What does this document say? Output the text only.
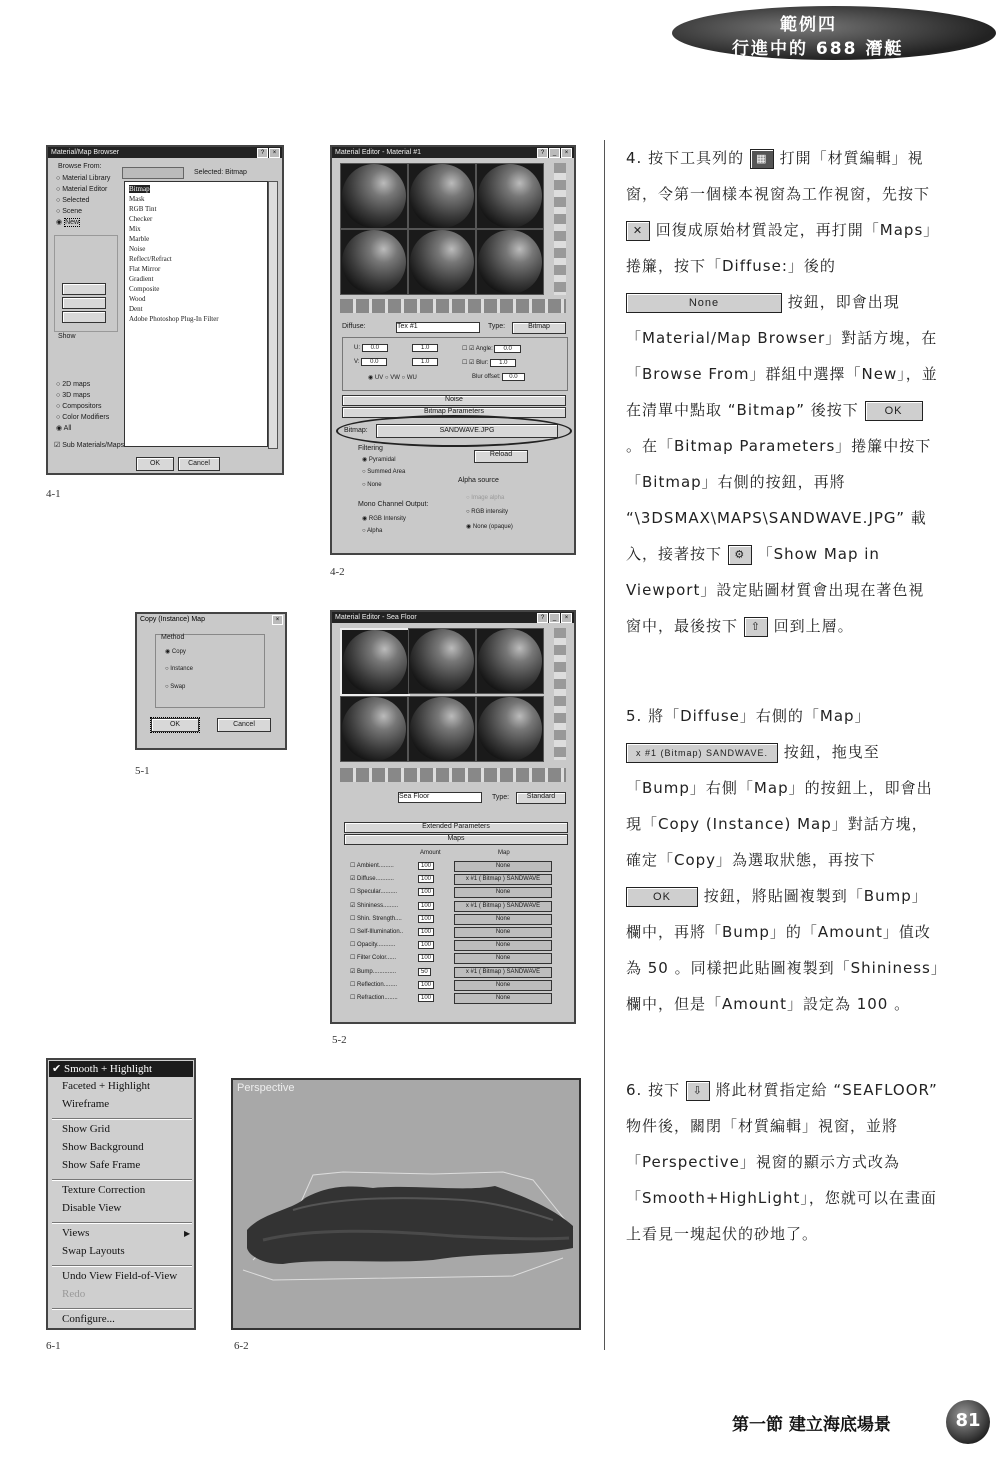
範例四
行進中的 688 潛艇
Material/Map Browser	?	×
Browse From:
○ Material Library
○ Material Editor
○ Selected
○ Scene
◉ New
Show
○ 2D maps
○ 3D maps
○ Compositors
○ Color Modifiers
◉ All
☑ Sub Materials/Maps
Selected: Bitmap
Bitmap
Mask
RGB Tint
Checker
Mix
Marble
Noise
Reflect/Refract
Flat Mirror
Gradient
Composite
Wood
Dent
Adobe Photoshop Plug-In Filter
OK	Cancel
4-1
Material Editor - Material #1	?	_	×
Diffuse:	Tex #1	Type:	Bitmap
U: 0.0	1.0	☐ ☑ Angle: 0.0
V: 0.0	1.0	☐ ☑ Blur: 1.0
◉ UV ○ VW ○ WU	Blur offset: 0.0
Noise
Bitmap Parameters
Bitmap:	SANDWAVE.JPG
Filtering
◉ Pyramidal
○ Summed Area
○ None
Reload
Alpha source
○ Image alpha
○ RGB intensity
◉ None (opaque)
Mono Channel Output:
◉ RGB Intensity
○ Alpha
4-2
Copy (Instance) Map	×
Method
◉ Copy
○ Instance
○ Swap
OK	Cancel
5-1
Material Editor - Sea Floor	?	_	×
Sea Floor	Type:	Standard
Extended Parameters
Maps
Amount	Map
☐ Ambient.........	100	None
☑ Diffuse...........	100	x #1 ( Bitmap ) SANDWAVE
☐ Specular..........	100	None
☑ Shininess.........	100	x #1 ( Bitmap ) SANDWAVE
☐ Shin. Strength....	100	None
☐ Self-Illumination..	100	None
☐ Opacity...........	100	None
☐ Filter Color......	100	None
☑ Bump..............	50	x #1 ( Bitmap ) SANDWAVE
☐ Reflection........	100	None
☐ Refraction........	100	None
5-2
✔ Smooth + Highlight
Faceted + Highlight
Wireframe
Show Grid
Show Background
Show Safe Frame
Texture Correction
Disable View
Views	▶
Swap Layouts
Undo View Field-of-View
Redo
Configure...
6-1
Perspective
6-2

4. 按下工具列的 ▦ 打開「材質編輯」視窗，令第一個樣本視窗為工作視窗，先按下 ✕ 回復成原始材質設定，再打開「Maps」捲簾，按下「Diffuse:」後的
None	按鈕，即會出現「Material/Map Browser」對話方塊，在「Browse From」群組中選擇「New」，並在清單中點取 “Bitmap” 後按下 OK 。在「Bitmap Parameters」捲簾中按下「Bitmap」右側的按鈕，再將 “\3DSMAX\MAPS\SANDWAVE.JPG” 載入，接著按下 ⚙ 「Show Map in Viewport」設定貼圖材質會出現在著色視窗中，最後按下 ⇧ 回到上層。

5. 將「Diffuse」右側的「Map」 x #1 (Bitmap) SANDWAVE. 按鈕，拖曳至「Bump」右側「Map」的按鈕上，即會出現「Copy (Instance) Map」對話方塊，確定「Copy」為選取狀態，再按下 OK 按鈕，將貼圖複製到「Bump」欄中，再將「Bump」的「Amount」值改為 50 。同樣把此貼圖複製到「Shininess」欄中，但是「Amount」設定為 100 。

6. 按下 ⇩ 將此材質指定給 “SEAFLOOR” 物件後，關閉「材質編輯」視窗，並將「Perspective」視窗的顯示方式改為「Smooth+HighLight」，您就可以在畫面上看見一塊起伏的砂地了。

第一節 建立海底場景	81
